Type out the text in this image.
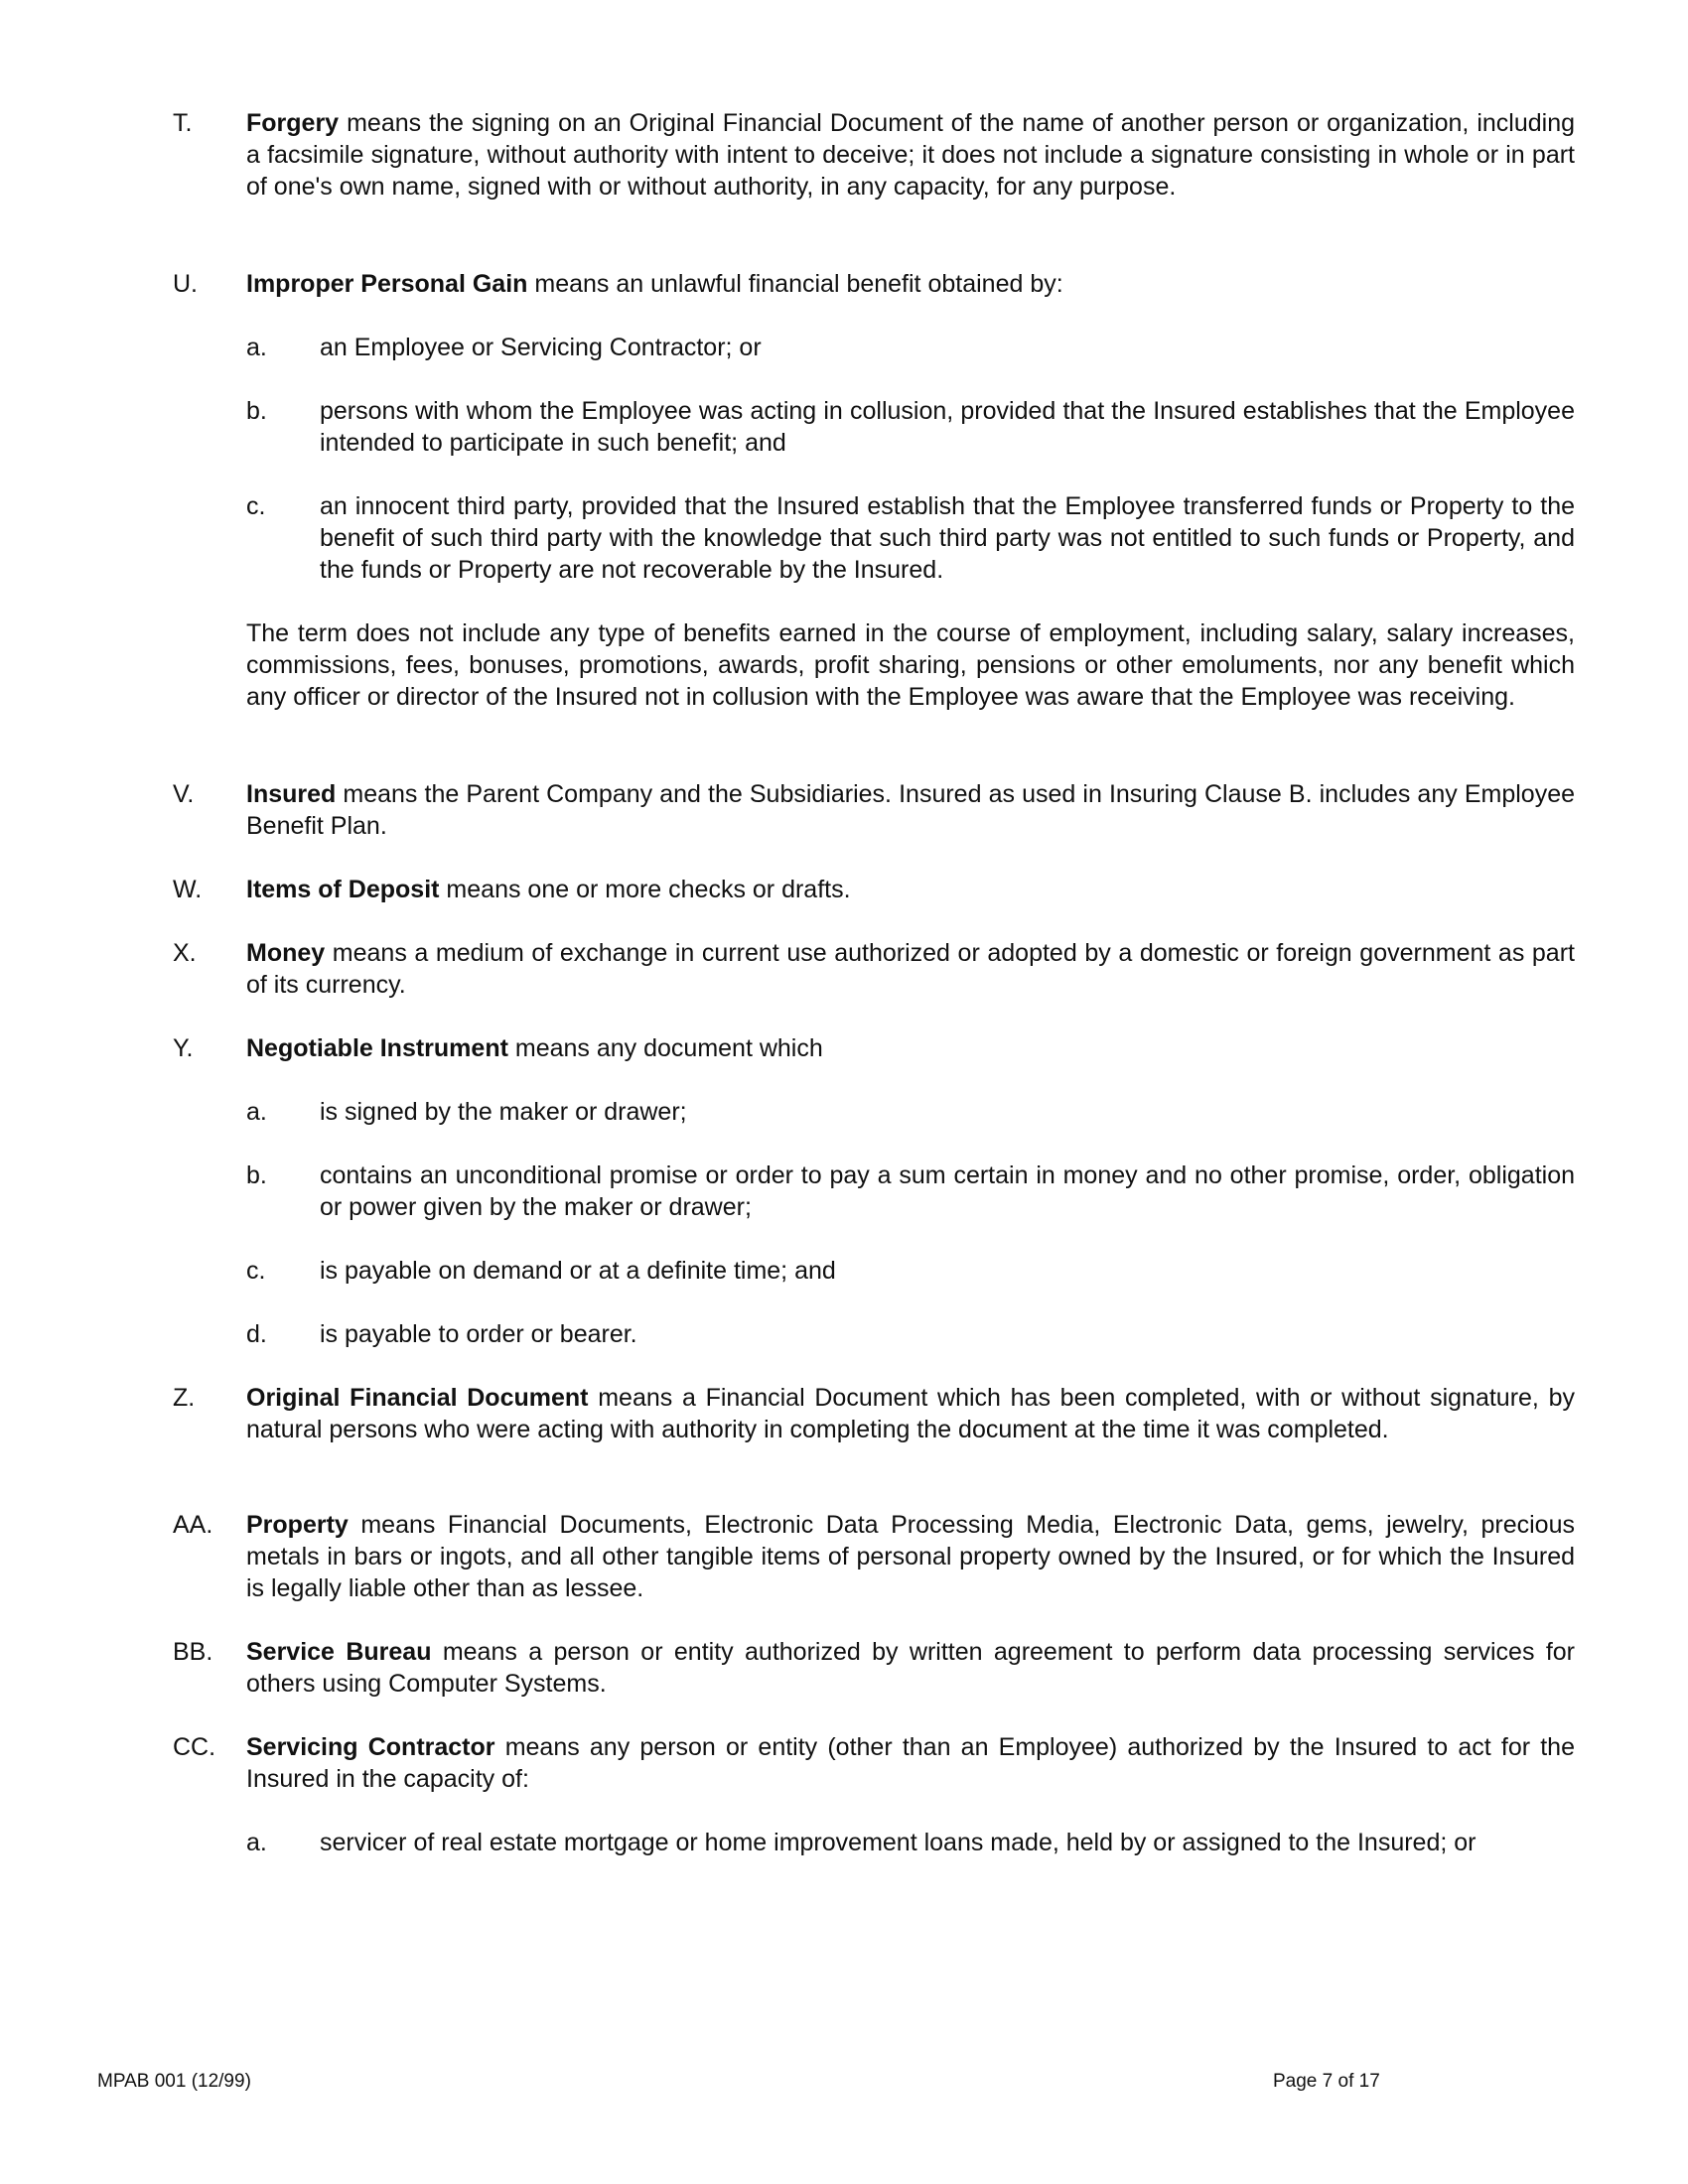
T. Forgery means the signing on an Original Financial Document of the name of another person or organization, including a facsimile signature, without authority with intent to deceive; it does not include a signature consisting in whole or in part of one's own name, signed with or without authority, in any capacity, for any purpose.
U. Improper Personal Gain means an unlawful financial benefit obtained by:
a. an Employee or Servicing Contractor; or
b. persons with whom the Employee was acting in collusion, provided that the Insured establishes that the Employee intended to participate in such benefit; and
c. an innocent third party, provided that the Insured establish that the Employee transferred funds or Property to the benefit of such third party with the knowledge that such third party was not entitled to such funds or Property, and the funds or Property are not recoverable by the Insured.
The term does not include any type of benefits earned in the course of employment, including salary, salary increases, commissions, fees, bonuses, promotions, awards, profit sharing, pensions or other emoluments, nor any benefit which any officer or director of the Insured not in collusion with the Employee was aware that the Employee was receiving.
V. Insured means the Parent Company and the Subsidiaries. Insured as used in Insuring Clause B. includes any Employee Benefit Plan.
W. Items of Deposit means one or more checks or drafts.
X. Money means a medium of exchange in current use authorized or adopted by a domestic or foreign government as part of its currency.
Y. Negotiable Instrument means any document which
a. is signed by the maker or drawer;
b. contains an unconditional promise or order to pay a sum certain in money and no other promise, order, obligation or power given by the maker or drawer;
c. is payable on demand or at a definite time; and
d. is payable to order or bearer.
Z. Original Financial Document means a Financial Document which has been completed, with or without signature, by natural persons who were acting with authority in completing the document at the time it was completed.
AA. Property means Financial Documents, Electronic Data Processing Media, Electronic Data, gems, jewelry, precious metals in bars or ingots, and all other tangible items of personal property owned by the Insured, or for which the Insured is legally liable other than as lessee.
BB. Service Bureau means a person or entity authorized by written agreement to perform data processing services for others using Computer Systems.
CC. Servicing Contractor means any person or entity (other than an Employee) authorized by the Insured to act for the Insured in the capacity of:
a. servicer of real estate mortgage or home improvement loans made, held by or assigned to the Insured; or
MPAB 001 (12/99)	Page 7 of 17
